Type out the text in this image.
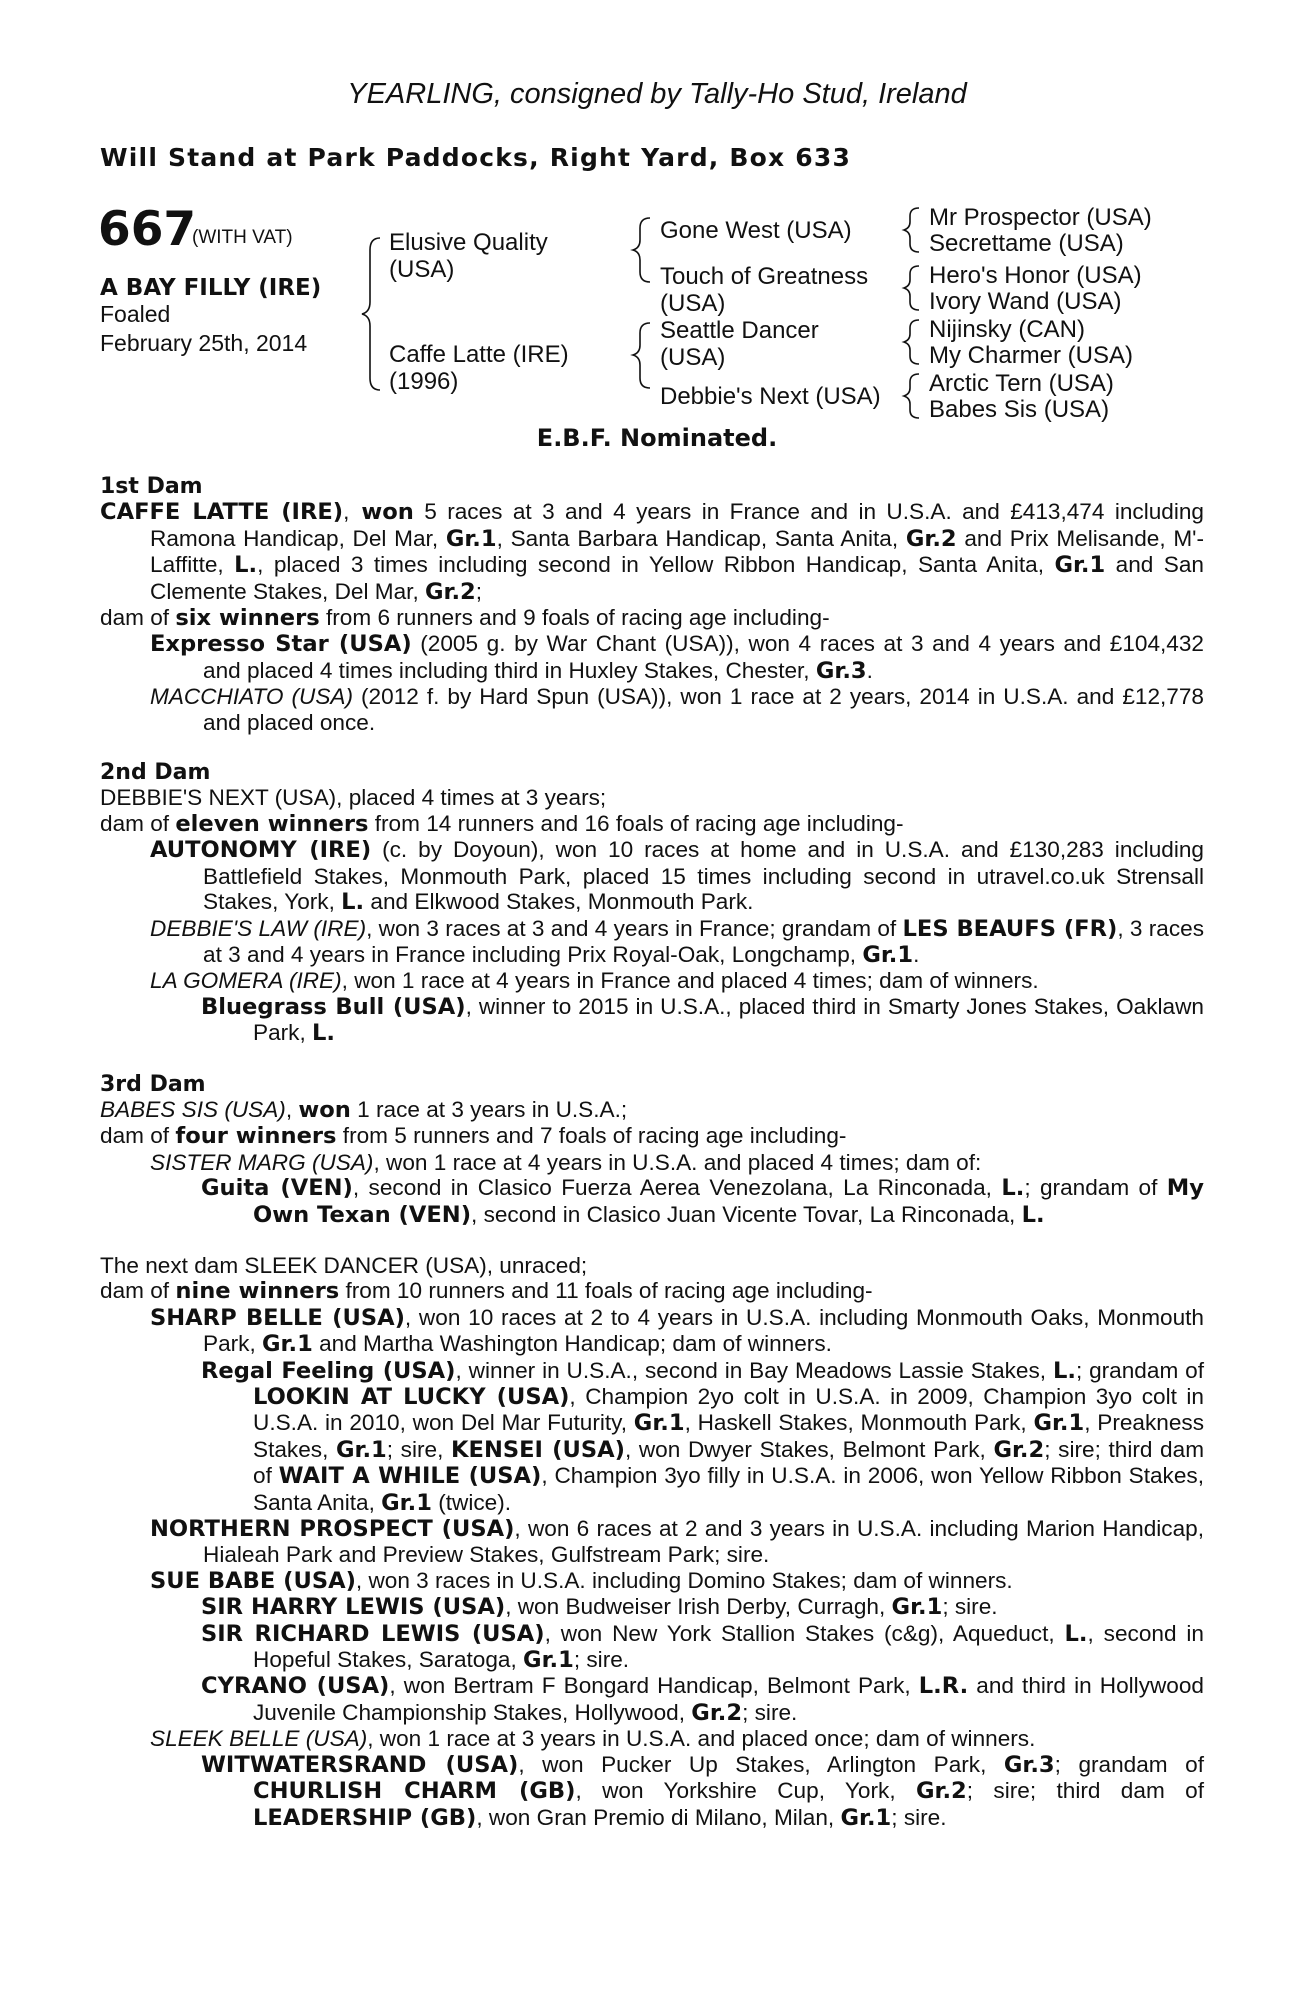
YEARLING, consigned by Tally-Ho Stud, Ireland
Will Stand at Park Paddocks, Right Yard, Box 633
667
(WITH VAT)
A BAY FILLY (IRE)
Foaled
February 25th, 2014
Elusive Quality
(USA)
Caffe Latte (IRE)
(1996)
Gone West (USA)
Touch of Greatness
(USA)
Seattle Dancer
(USA)
Debbie's Next (USA)
Mr Prospector (USA)
Secrettame (USA)
Hero's Honor (USA)
Ivory Wand (USA)
Nijinsky (CAN)
My Charmer (USA)
Arctic Tern (USA)
Babes Sis (USA)
E.B.F. Nominated.
1st Dam
CAFFE LATTE (IRE), won 5 races at 3 and 4 years in France and in U.S.A. and £413,474 including Ramona Handicap, Del Mar, Gr.1, Santa Barbara Handicap, Santa Anita, Gr.2 and Prix Melisande, M'-Laffitte, L., placed 3 times including second in Yellow Ribbon Handicap, Santa Anita, Gr.1 and San Clemente Stakes, Del Mar, Gr.2;
dam of six winners from 6 runners and 9 foals of racing age including-
Expresso Star (USA) (2005 g. by War Chant (USA)), won 4 races at 3 and 4 years and £104,432 and placed 4 times including third in Huxley Stakes, Chester, Gr.3.
MACCHIATO (USA) (2012 f. by Hard Spun (USA)), won 1 race at 2 years, 2014 in U.S.A. and £12,778 and placed once.
2nd Dam
DEBBIE'S NEXT (USA), placed 4 times at 3 years;
dam of eleven winners from 14 runners and 16 foals of racing age including-
AUTONOMY (IRE) (c. by Doyoun), won 10 races at home and in U.S.A. and £130,283 including Battlefield Stakes, Monmouth Park, placed 15 times including second in utravel.co.uk Strensall Stakes, York, L. and Elkwood Stakes, Monmouth Park.
DEBBIE'S LAW (IRE), won 3 races at 3 and 4 years in France; grandam of LES BEAUFS (FR), 3 races at 3 and 4 years in France including Prix Royal-Oak, Longchamp, Gr.1.
LA GOMERA (IRE), won 1 race at 4 years in France and placed 4 times; dam of winners.
Bluegrass Bull (USA), winner to 2015 in U.S.A., placed third in Smarty Jones Stakes, Oaklawn Park, L.
3rd Dam
BABES SIS (USA), won 1 race at 3 years in U.S.A.;
dam of four winners from 5 runners and 7 foals of racing age including-
SISTER MARG (USA), won 1 race at 4 years in U.S.A. and placed 4 times; dam of:
Guita (VEN), second in Clasico Fuerza Aerea Venezolana, La Rinconada, L.; grandam of My Own Texan (VEN), second in Clasico Juan Vicente Tovar, La Rinconada, L.
The next dam SLEEK DANCER (USA), unraced;
dam of nine winners from 10 runners and 11 foals of racing age including-
SHARP BELLE (USA), won 10 races at 2 to 4 years in U.S.A. including Monmouth Oaks, Monmouth Park, Gr.1 and Martha Washington Handicap; dam of winners.
Regal Feeling (USA), winner in U.S.A., second in Bay Meadows Lassie Stakes, L.; grandam of LOOKIN AT LUCKY (USA), Champion 2yo colt in U.S.A. in 2009, Champion 3yo colt in U.S.A. in 2010, won Del Mar Futurity, Gr.1, Haskell Stakes, Monmouth Park, Gr.1, Preakness Stakes, Gr.1; sire, KENSEI (USA), won Dwyer Stakes, Belmont Park, Gr.2; sire; third dam of WAIT A WHILE (USA), Champion 3yo filly in U.S.A. in 2006, won Yellow Ribbon Stakes, Santa Anita, Gr.1 (twice).
NORTHERN PROSPECT (USA), won 6 races at 2 and 3 years in U.S.A. including Marion Handicap, Hialeah Park and Preview Stakes, Gulfstream Park; sire.
SUE BABE (USA), won 3 races in U.S.A. including Domino Stakes; dam of winners.
SIR HARRY LEWIS (USA), won Budweiser Irish Derby, Curragh, Gr.1; sire.
SIR RICHARD LEWIS (USA), won New York Stallion Stakes (c&g), Aqueduct, L., second in Hopeful Stakes, Saratoga, Gr.1; sire.
CYRANO (USA), won Bertram F Bongard Handicap, Belmont Park, L.R. and third in Hollywood Juvenile Championship Stakes, Hollywood, Gr.2; sire.
SLEEK BELLE (USA), won 1 race at 3 years in U.S.A. and placed once; dam of winners.
WITWATERSRAND (USA), won Pucker Up Stakes, Arlington Park, Gr.3; grandam of CHURLISH CHARM (GB), won Yorkshire Cup, York, Gr.2; sire; third dam of LEADERSHIP (GB), won Gran Premio di Milano, Milan, Gr.1; sire.
